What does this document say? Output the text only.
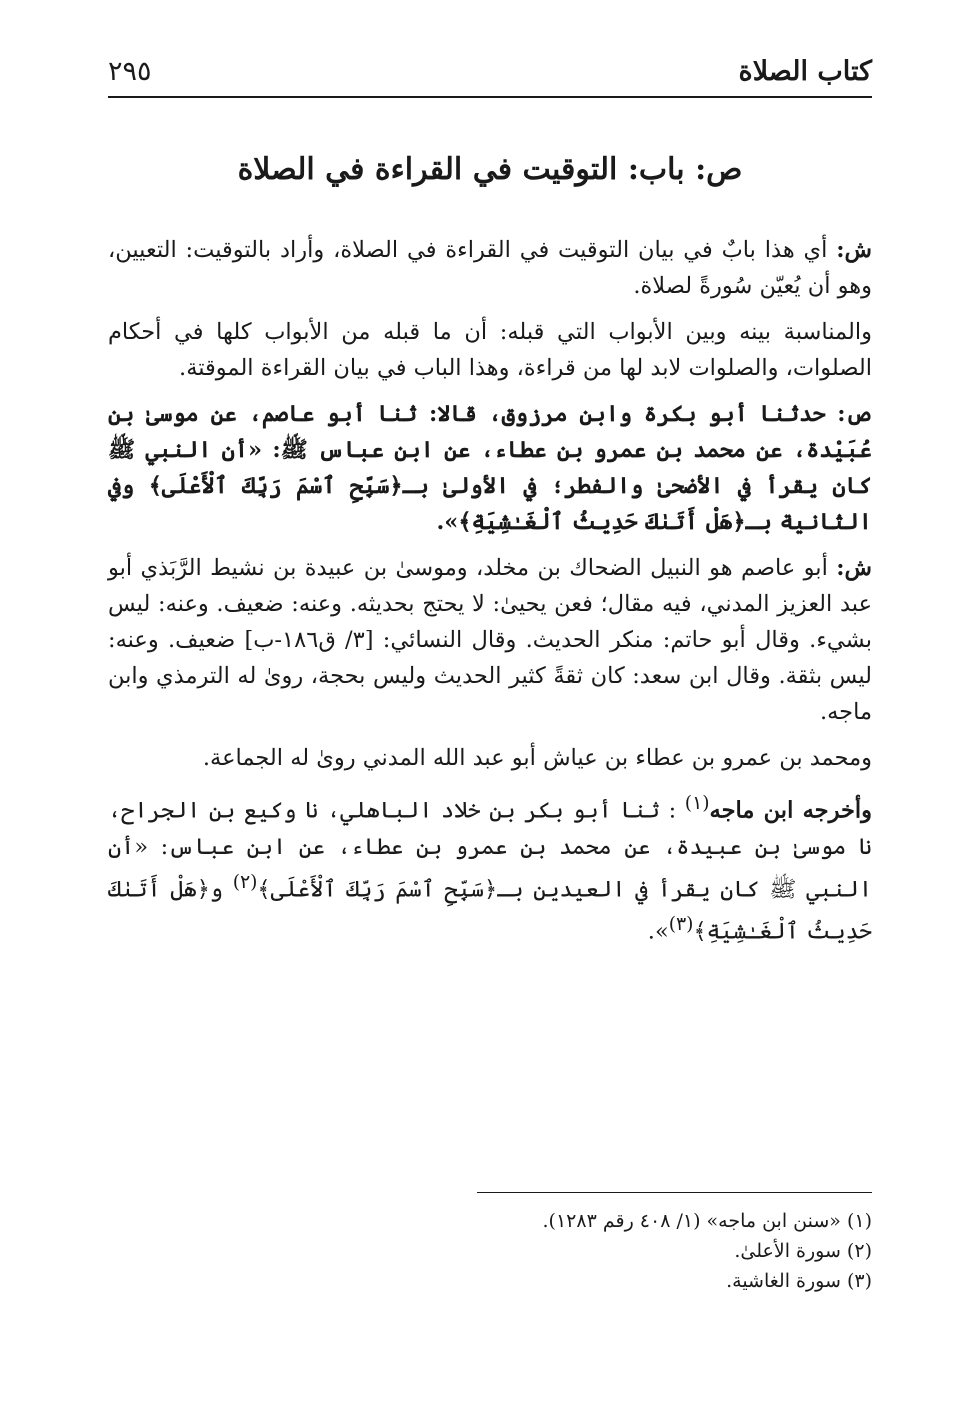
كتاب الصلاة
٢٩٥
ص: باب: التوقيت في القراءة في الصلاة

ش: أي هذا بابٌ في بيان التوقيت في القراءة في الصلاة، وأراد بالتوقيت: التعيين، وهو أن يُعيّن سُورةً لصلاة.

والمناسبة بينه وبين الأبواب التي قبله: أن ما قبله من الأبواب كلها في أحكام الصلوات، والصلوات لابد لها من قراءة، وهذا الباب في بيان القراءة الموقتة.

ص: حدثنا أبو بكرة وابن مرزوق، قالا: ثنا أبو عاصم، عن موسىٰ بن عُبَيْدة، عن محمد بن عمرو بن عطاء، عن ابن عباس ﷺ: «أن النبي ﷺ كان يقرأ في الأضحىٰ والفطر؛ في الأولىٰ بـ﴿سَبِّحِ ٱسْمَ رَبِّكَ ٱلْأَعْلَى﴾ وفي الثانية بـ﴿هَلْ أَتَىٰكَ حَدِيثُ ٱلْغَـٰشِيَةِ﴾».

ش: أبو عاصم هو النبيل الضحاك بن مخلد، وموسىٰ بن عبيدة بن نشيط الرَّبَذي أبو عبد العزيز المدني، فيه مقال؛ فعن يحيىٰ: لا يحتج بحديثه. وعنه: ضعيف. وعنه: ليس بشيء. وقال أبو حاتم: منكر الحديث. وقال النسائي: [٣/ ق١٨٦-ب] ضعيف. وعنه: ليس بثقة. وقال ابن سعد: كان ثقةً كثير الحديث وليس بحجة، روىٰ له الترمذي وابن ماجه.

ومحمد بن عمرو بن عطاء بن عياش أبو عبد الله المدني روىٰ له الجماعة.

وأخرجه ابن ماجه$^{(١)}$ : ثنا أبو بكر بن خلاد الباهلي، نا وكيع بن الجراح، نا موسىٰ بن عبيدة، عن محمد بن عمرو بن عطاء، عن ابن عباس: «أن النبي ﷺ كان يقرأ في العيدين بـ﴿سَبِّحِ ٱسْمَ رَبِّكَ ٱلْأَعْلَى﴾$^{(٢)}$ و﴿هَلْ أَتَىٰكَ حَدِيثُ ٱلْغَـٰشِيَةِ﴾$^{(٣)}$».

(١) «سنن ابن ماجه» (١/ ٤٠٨ رقم ١٢٨٣).

(٢) سورة الأعلىٰ.

(٣) سورة الغاشية.
